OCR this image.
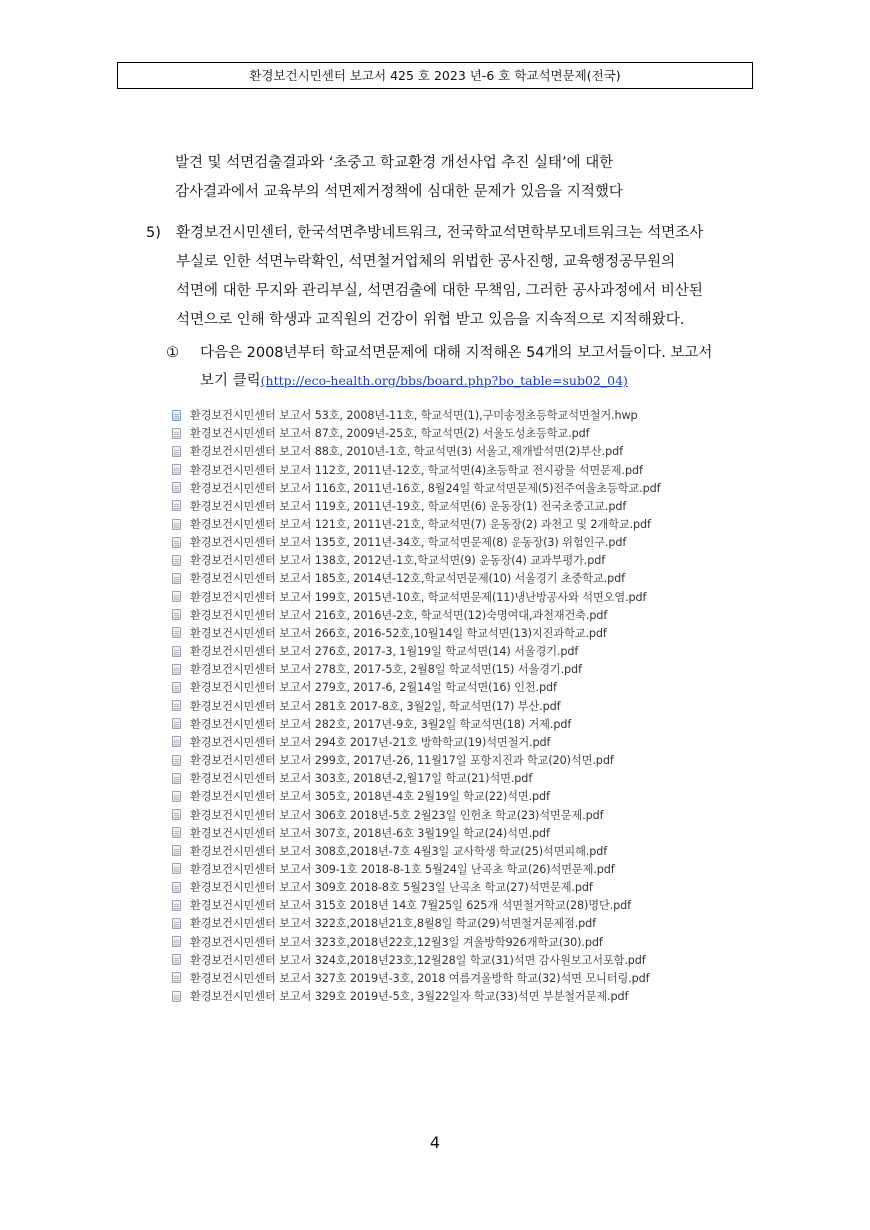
환경보건시민센터 보고서 425 호 2023 년-6 호 학교석면문제(전국)
발견 및 석면검출결과와 ‘초중고 학교환경 개선사업 추진 실태’에 대한
감사결과에서 교육부의 석면제거정책에 심대한 문제가 있음을 지적했다
5) 환경보건시민센터, 한국석면추방네트워크, 전국학교석면학부모네트워크는 석면조사
부실로 인한 석면누락확인, 석면철거업체의 위법한 공사진행, 교육행정공무원의
석면에 대한 무지와 관리부실, 석면검출에 대한 무책임, 그러한 공사과정에서 비산된
석면으로 인해 학생과 교직원의 건강이 위협 받고 있음을 지속적으로 지적해왔다.
① 다음은 2008년부터 학교석면문제에 대해 지적해온 54개의 보고서들이다. 보고서
보기 클릭(http://eco-health.org/bbs/board.php?bo_table=sub02_04)
환경보건시민센터 보고서 53호, 2008년-11호, 학교석면(1),구미송정초등학교석면철거.hwp
환경보건시민센터 보고서 87호, 2009년-25호, 학교석면(2) 서울도성초등학교.pdf
환경보건시민센터 보고서 88호, 2010년-1호, 학교석면(3) 서울고,재개발석면(2)부산.pdf
환경보건시민센터 보고서 112호, 2011년-12호, 학교석면(4)초등학교 전시광물 석면문제.pdf
환경보건시민센터 보고서 116호, 2011년-16호, 8월24일 학교석면문제(5)전주여울초등학교.pdf
환경보건시민센터 보고서 119호, 2011년-19호, 학교석면(6) 운동장(1) 전국초중고교.pdf
환경보건시민센터 보고서 121호, 2011년-21호, 학교석면(7) 운동장(2) 과천고 및 2개학교.pdf
환경보건시민센터 보고서 135호, 2011년-34호, 학교석면문제(8) 운동장(3) 위험인구.pdf
환경보건시민센터 보고서 138호, 2012년-1호,학교석면(9) 운동장(4) 교과부평가.pdf
환경보건시민센터 보고서 185호, 2014년-12호,학교석면문제(10) 서울경기 초중학교.pdf
환경보건시민센터 보고서 199호, 2015년-10호, 학교석면문제(11)냉난방공사와 석면오염.pdf
환경보건시민센터 보고서 216호, 2016년-2호, 학교석면(12)숙명여대,과천재건축.pdf
환경보건시민센터 보고서 266호, 2016-52호,10월14일 학교석면(13)지진과학교.pdf
환경보건시민센터 보고서 276호, 2017-3, 1월19일 학교석면(14) 서울경기.pdf
환경보건시민센터 보고서 278호, 2017-5호, 2월8일 학교석면(15) 서울경기.pdf
환경보건시민센터 보고서 279호, 2017-6, 2월14일 학교석면(16) 인천.pdf
환경보건시민센터 보고서 281호 2017-8호, 3월2일, 학교석면(17) 부산.pdf
환경보건시민센터 보고서 282호, 2017년-9호, 3월2일 학교석면(18) 거제.pdf
환경보건시민센터 보고서 294호 2017년-21호 방학학교(19)석면철거.pdf
환경보건시민센터 보고서 299호, 2017년-26, 11월17일 포항지진과 학교(20)석면.pdf
환경보건시민센터 보고서 303호, 2018년-2,월17일 학교(21)석면.pdf
환경보건시민센터 보고서 305호, 2018년-4호 2월19일 학교(22)석면.pdf
환경보건시민센터 보고서 306호 2018년-5호 2월23일 인헌초 학교(23)석면문제.pdf
환경보건시민센터 보고서 307호, 2018년-6호 3월19일 학교(24)석면.pdf
환경보건시민센터 보고서 308호,2018년-7호 4월3일 교사학생 학교(25)석면피해.pdf
환경보건시민센터 보고서 309-1호 2018-8-1호 5월24일 난곡초 학교(26)석면문제.pdf
환경보건시민센터 보고서 309호 2018-8호 5월23일 난곡초 학교(27)석면문제.pdf
환경보건시민센터 보고서 315호 2018년 14호 7월25일 625개 석면철거학교(28)명단.pdf
환경보건시민센터 보고서 322호,2018년21호,8월8일 학교(29)석면철거문제점.pdf
환경보건시민센터 보고서 323호,2018년22호,12월3일 겨울방학926개학교(30).pdf
환경보건시민센터 보고서 324호,2018년23호,12월28일 학교(31)석면 감사원보고서포함.pdf
환경보건시민센터 보고서 327호 2019년-3호, 2018 여름겨울방학 학교(32)석면 모니터링.pdf
환경보건시민센터 보고서 329호 2019년-5호, 3월22일자 학교(33)석면 부분철거문제.pdf
4
